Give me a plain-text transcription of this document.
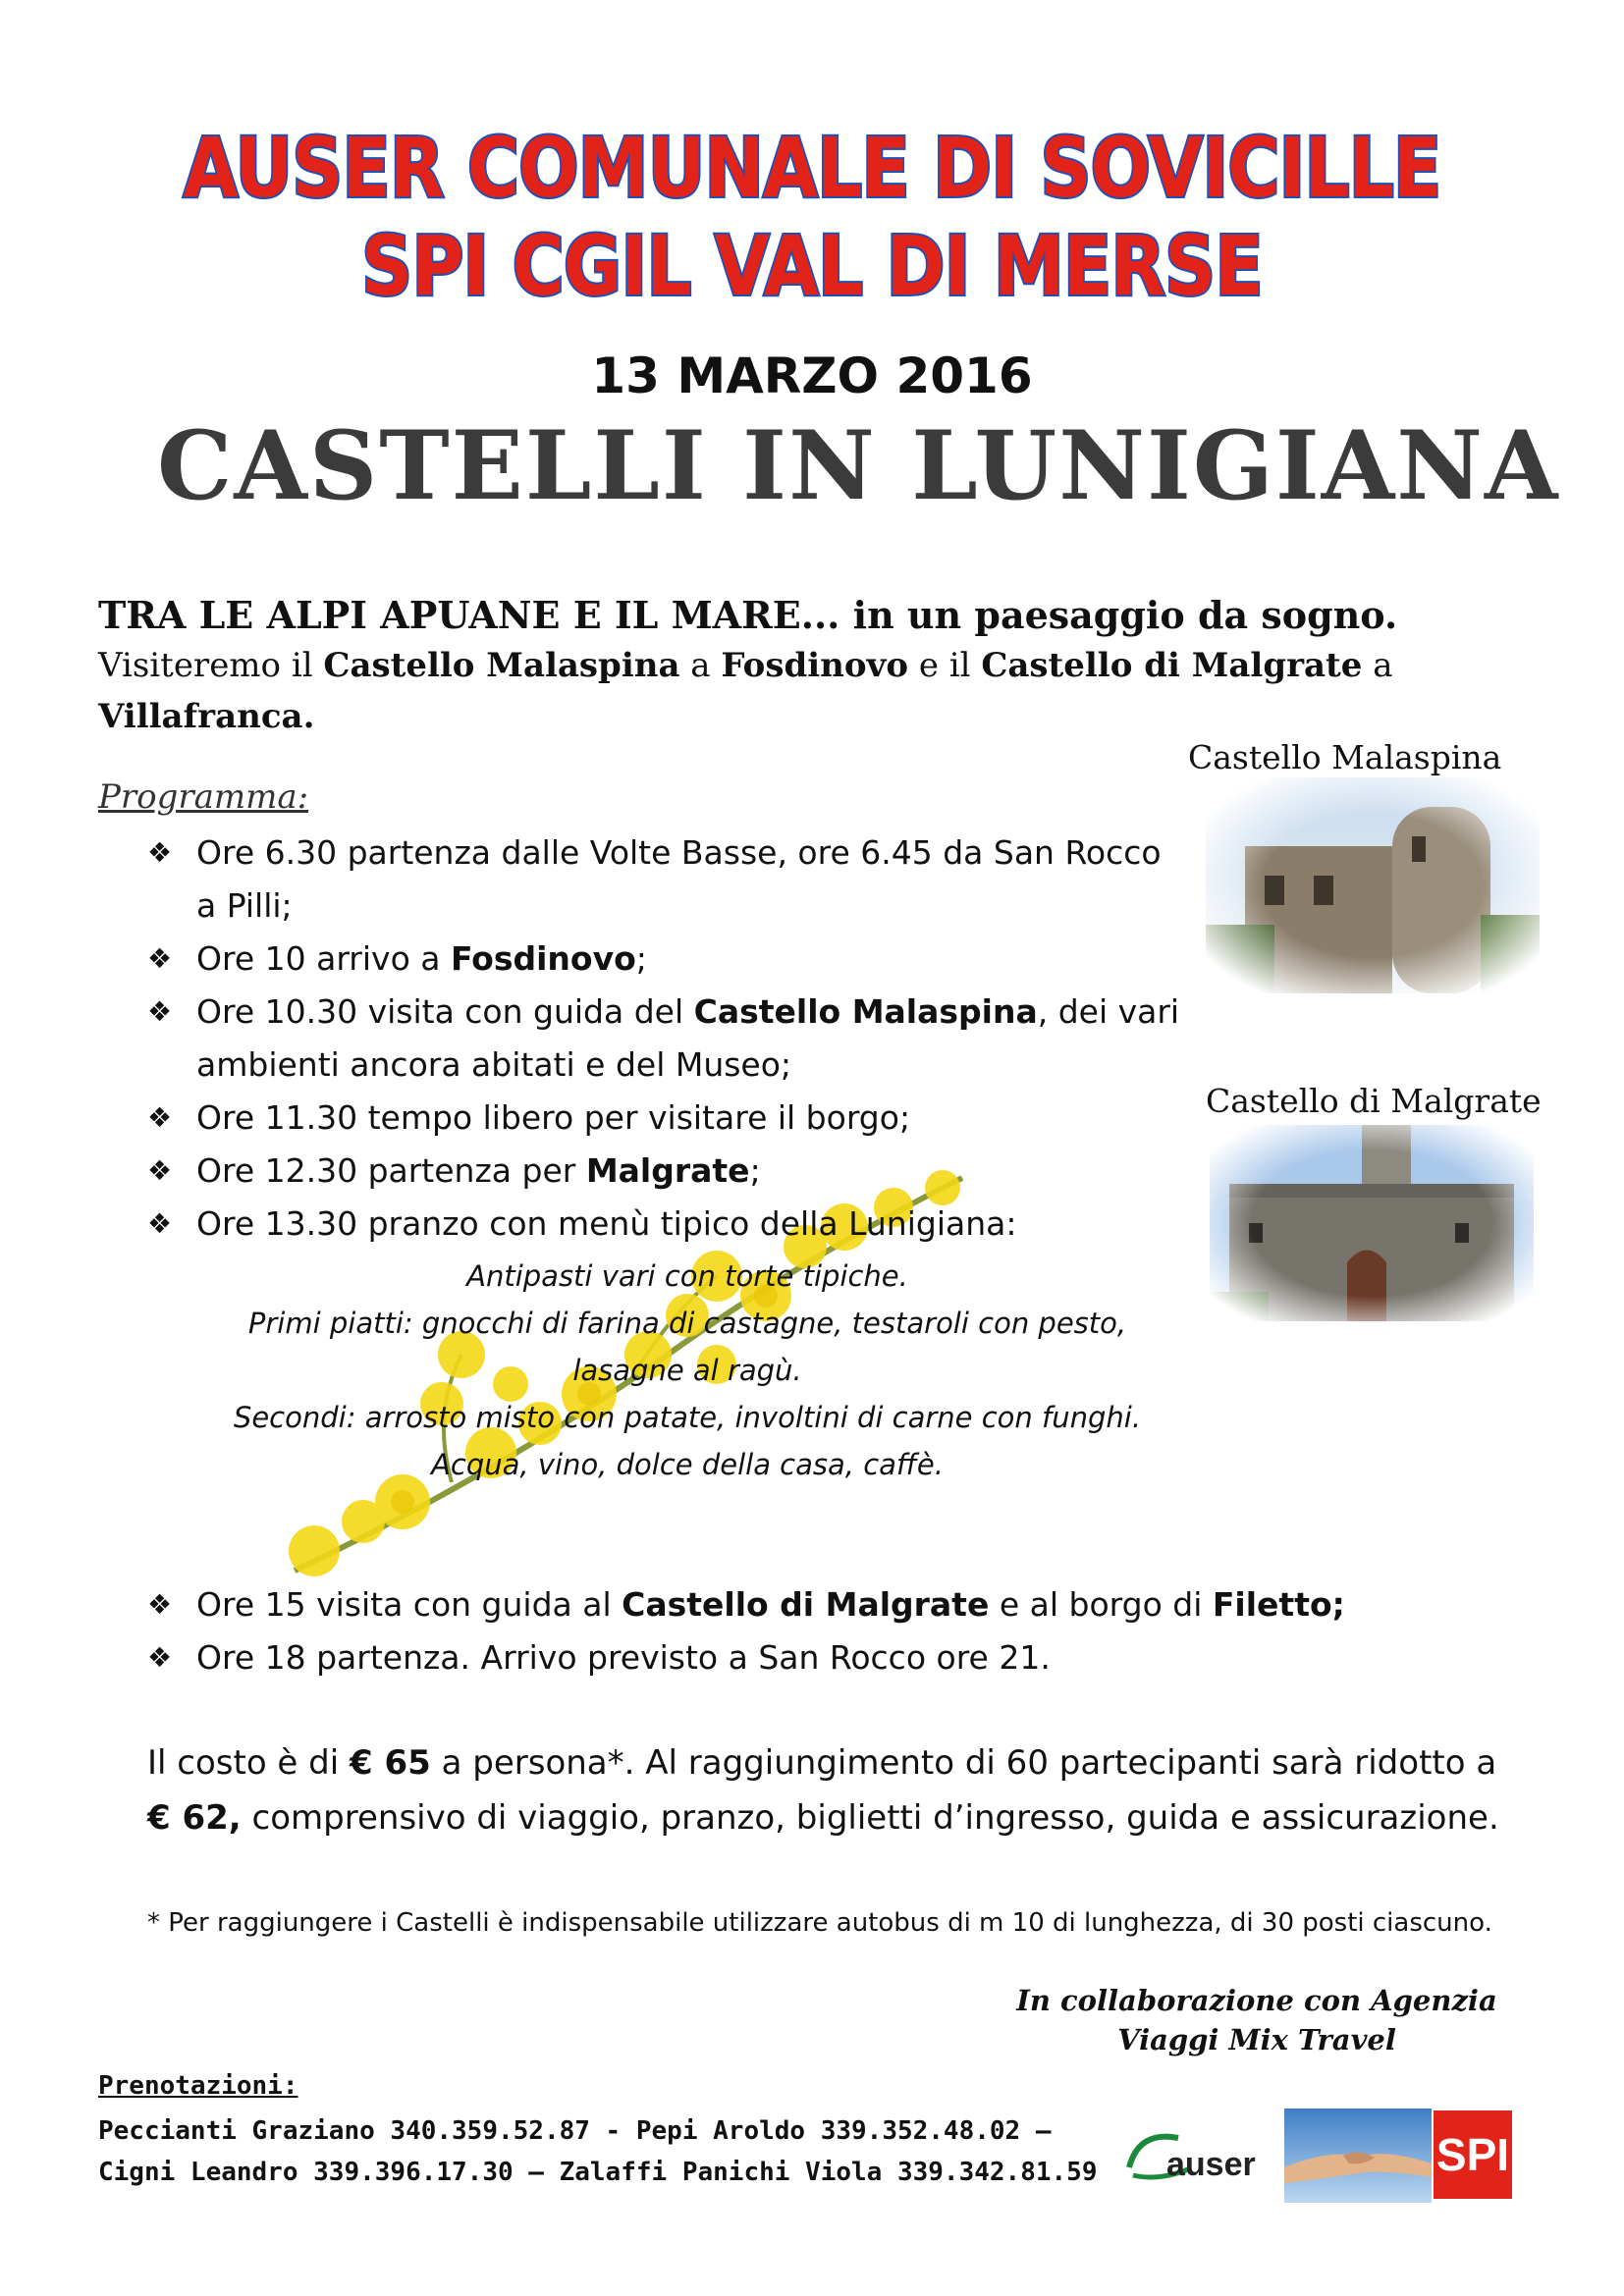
AUSER COMUNALE DI SOVICILLE
SPI CGIL VAL DI MERSE
13 MARZO 2016
CASTELLI IN LUNIGIANA
TRA LE ALPI APUANE E IL MARE... in un paesaggio da sogno.
Visiteremo il Castello Malaspina a Fosdinovo e il Castello di Malgrate a
Villafranca.
Castello Malaspina
Castello di Malgrate
Programma:
❖ Ore 6.30 partenza dalle Volte Basse, ore 6.45 da San Rocco a Pilli;
❖ Ore 10 arrivo a Fosdinovo;
❖ Ore 10.30 visita con guida del Castello Malaspina, dei vari ambienti ancora abitati e del Museo;
❖ Ore 11.30 tempo libero per visitare il borgo;
❖ Ore 12.30 partenza per Malgrate;
❖ Ore 13.30 pranzo con menù tipico della Lunigiana:
Antipasti vari con torte tipiche.
Primi piatti: gnocchi di farina di castagne, testaroli con pesto, lasagne al ragù.
Secondi: arrosto misto con patate, involtini di carne con funghi.
Acqua, vino, dolce della casa, caffè.
❖ Ore 15 visita con guida al Castello di Malgrate e al borgo di Filetto;
❖ Ore 18 partenza. Arrivo previsto a San Rocco ore 21.
Il costo è di € 65 a persona*. Al raggiungimento di 60 partecipanti sarà ridotto a € 62, comprensivo di viaggio, pranzo, biglietti d’ingresso, guida e assicurazione.
* Per raggiungere i Castelli è indispensabile utilizzare autobus di m 10 di lunghezza, di 30 posti ciascuno.
In collaborazione con Agenzia
Viaggi Mix Travel
Prenotazioni:
Peccianti Graziano 340.359.52.87 - Pepi Aroldo 339.352.48.02 –
Cigni Leandro 339.396.17.30 – Zalaffi Panichi Viola 339.342.81.59 auser	SPI
